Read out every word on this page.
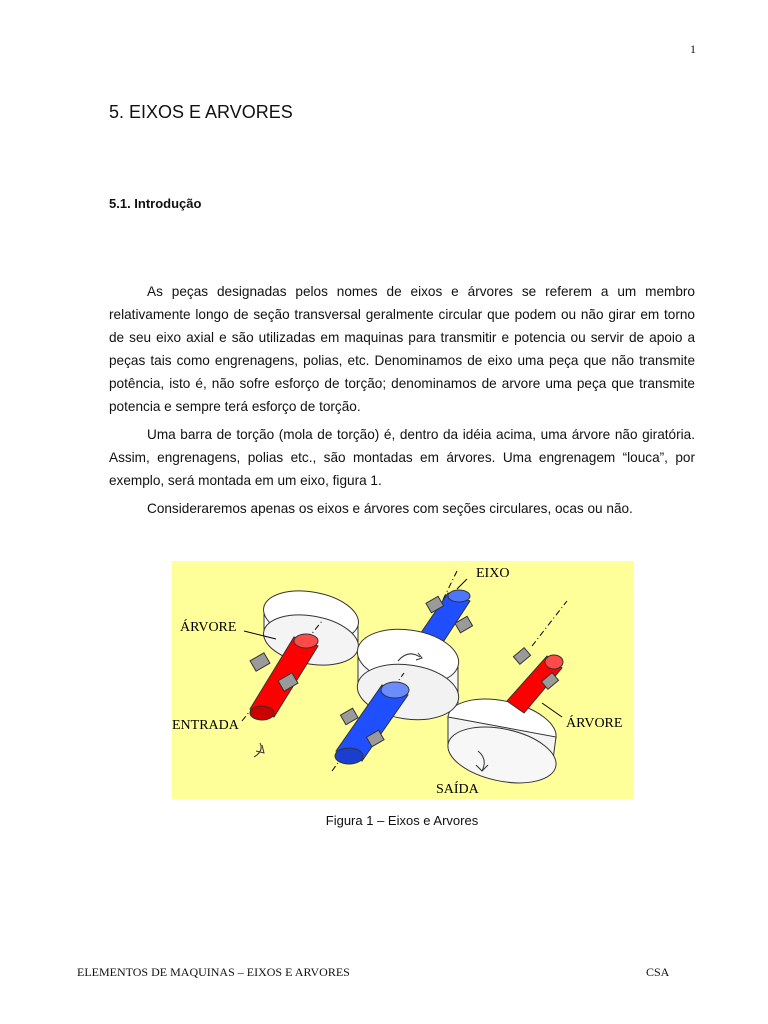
1
5. EIXOS E ARVORES
5.1. Introdução

As peças designadas pelos nomes de eixos e árvores se referem a um membro relativamente longo de seção transversal geralmente circular que podem ou não girar em torno de seu eixo axial e são utilizadas em maquinas para transmitir e potencia ou servir de apoio a peças tais como engrenagens, polias, etc. Denominamos de eixo uma peça que não transmite potência, isto é, não sofre esforço de torção; denominamos de arvore uma peça que transmite potencia e sempre terá esforço de torção.

Uma barra de torção (mola de torção) é, dentro da idéia acima, uma árvore não giratória. Assim, engrenagens, polias etc., são montadas em árvores. Uma engrenagem “louca”, por exemplo, será montada em um eixo, figura 1.

Consideraremos apenas os eixos e árvores com seções circulares, ocas ou não.

EIXO
ÁRVORE
ÁRVORE
ENTRADA
SAÍDA
Figura 1 – Eixos e Arvores
ELEMENTOS DE MAQUINAS – EIXOS E ARVORES	CSA
